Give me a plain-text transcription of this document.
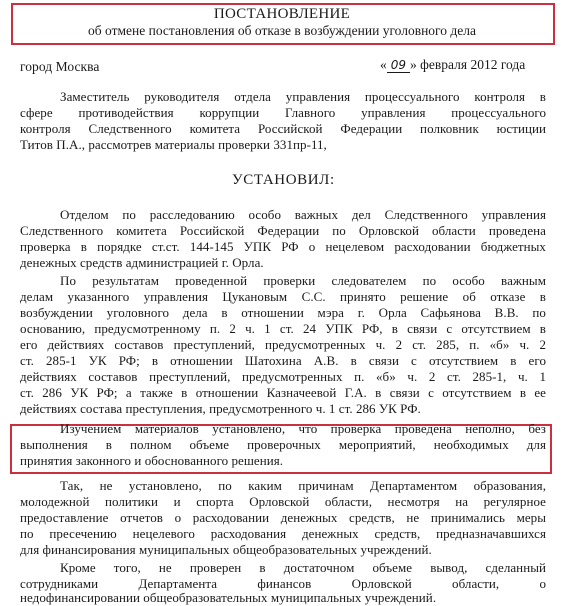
ПОСТАНОВЛЕНИЕ
об отмене постановления об отказе в возбуждении уголовного дела
город Москва	« 09 » февраля 2012 года
Заместитель руководителя отдела управления процессуального контроля в
сфере противодействия коррупции Главного управления процессуального
контроля Следственного комитета Российской Федерации полковник юстиции
Титов П.А., рассмотрев материалы проверки 331пр-11,
УСТАНОВИЛ:
Отделом по расследованию особо важных дел Следственного управления
Следственного комитета Российской Федерации по Орловской области проведена
проверка в порядке ст.ст. 144-145 УПК РФ о нецелевом расходовании бюджетных
денежных средств администрацией г. Орла.
По результатам проведенной проверки следователем по особо важным
делам указанного управления Цукановым С.С. принято решение об отказе в
возбуждении уголовного дела в отношении мэра г. Орла Сафьянова В.В. по
основанию, предусмотренному п. 2 ч. 1 ст. 24 УПК РФ, в связи с отсутствием в
его действиях составов преступлений, предусмотренных ч. 2 ст. 285, п. «б» ч. 2
ст. 285-1 УК РФ; в отношении Шатохина А.В. в связи с отсутствием в его
действиях составов преступлений, предусмотренных п. «б» ч. 2 ст. 285-1, ч. 1
ст. 286 УК РФ; а также в отношении Казначеевой Г.А. в связи с отсутствием в ее
действиях состава преступления, предусмотренного ч. 1 ст. 286 УК РФ.
Изучением материалов установлено, что проверка проведена неполно, без
выполнения в полном объеме проверочных мероприятий, необходимых для
принятия законного и обоснованного решения.
Так, не установлено, по каким причинам Департаментом образования,
молодежной политики и спорта Орловской области, несмотря на регулярное
предоставление отчетов о расходовании денежных средств, не принимались меры
по пресечению нецелевого расходования денежных средств, предназначавшихся
для финансирования муниципальных общеобразовательных учреждений.
Кроме того, не проверен в достаточном объеме вывод, сделанный
сотрудниками Департамента финансов Орловской области, о
недофинансировании общеобразовательных муниципальных учреждений.
